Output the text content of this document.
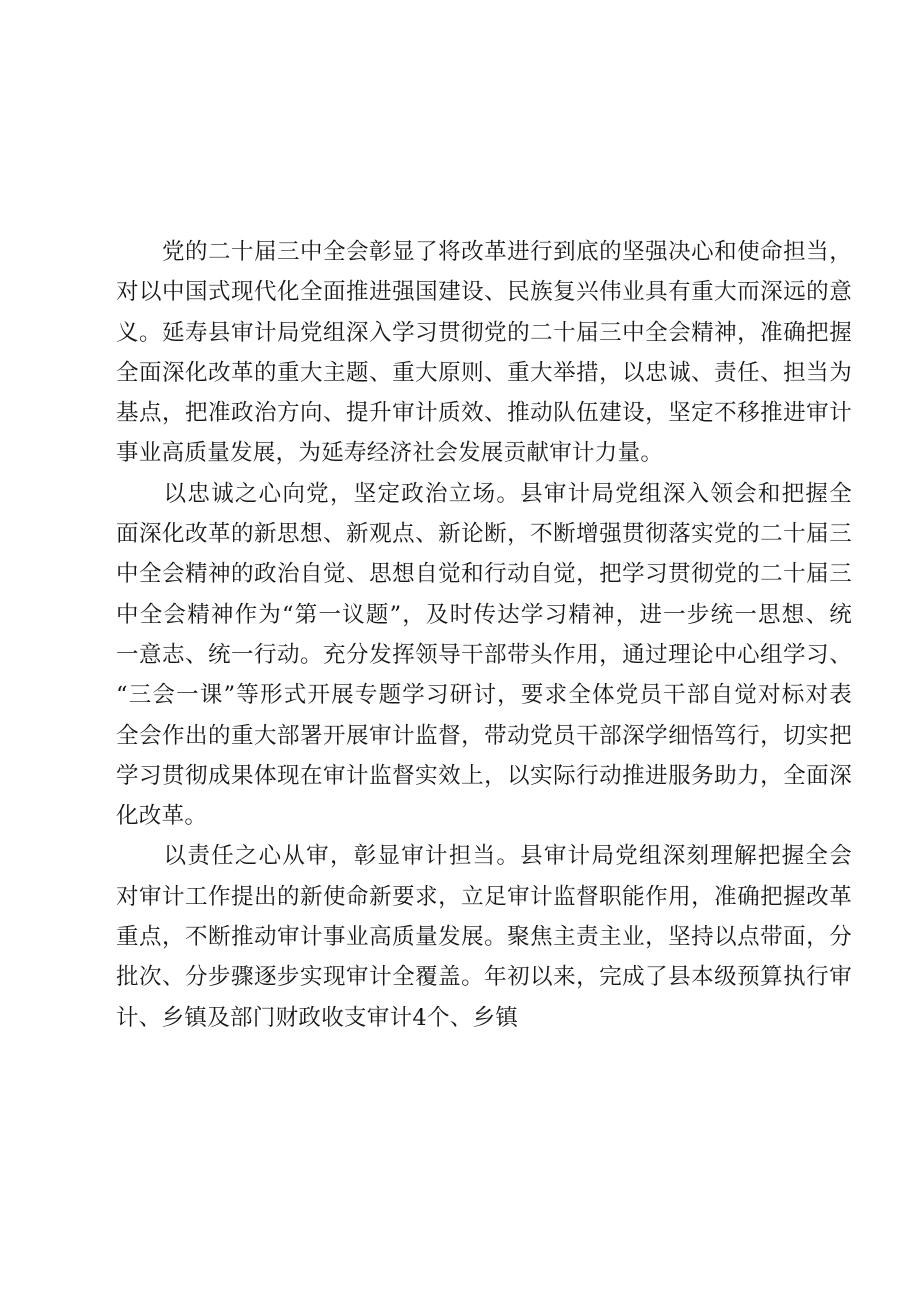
　　党的二十届三中全会彰显了将改革进行到底的坚强决心和使命担当，
对以中国式现代化全面推进强国建设、民族复兴伟业具有重大而深远的意
义。延寿县审计局党组深入学习贯彻党的二十届三中全会精神，准确把握
全面深化改革的重大主题、重大原则、重大举措，以忠诚、责任、担当为
基点，把准政治方向、提升审计质效、推动队伍建设，坚定不移推进审计
事业高质量发展，为延寿经济社会发展贡献审计力量。
　　以忠诚之心向党，坚定政治立场。县审计局党组深入领会和把握全
面深化改革的新思想、新观点、新论断，不断增强贯彻落实党的二十届三
中全会精神的政治自觉、思想自觉和行动自觉，把学习贯彻党的二十届三
中全会精神作为“第一议题”，及时传达学习精神，进一步统一思想、统
一意志、统一行动。充分发挥领导干部带头作用，通过理论中心组学习、
“三会一课”等形式开展专题学习研讨，要求全体党员干部自觉对标对表
全会作出的重大部署开展审计监督，带动党员干部深学细悟笃行，切实把
学习贯彻成果体现在审计监督实效上，以实际行动推进服务助力，全面深
化改革。
　　以责任之心从审，彰显审计担当。县审计局党组深刻理解把握全会
对审计工作提出的新使命新要求，立足审计监督职能作用，准确把握改革
重点，不断推动审计事业高质量发展。聚焦主责主业，坚持以点带面，分
批次、分步骤逐步实现审计全覆盖。年初以来，完成了县本级预算执行审
计、乡镇及部门财政收支审计4个、乡镇
